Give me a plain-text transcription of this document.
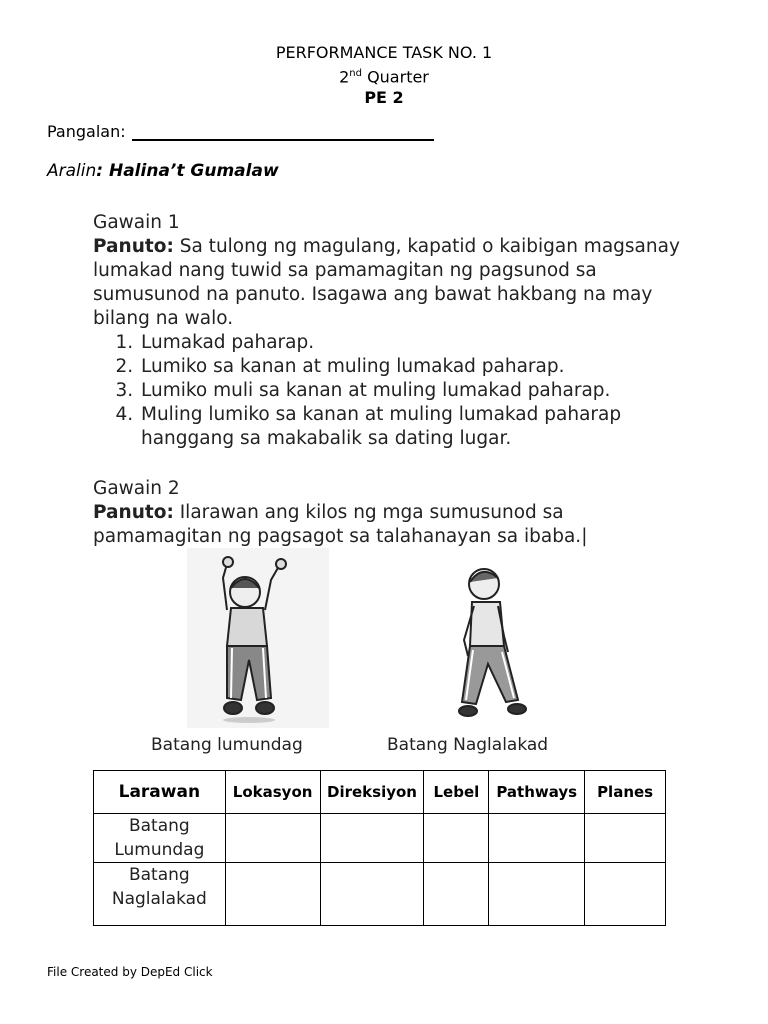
PERFORMANCE TASK NO. 1
2nd Quarter
PE 2
Pangalan:
Aralin: Halina’t Gumalaw
Gawain 1
Panuto: Sa tulong ng magulang, kapatid o kaibigan magsanay lumakad nang tuwid sa pamamagitan ng pagsunod sa sumusunod na panuto. Isagawa ang bawat hakbang na may bilang na walo.
1. Lumakad paharap.
2. Lumiko sa kanan at muling lumakad paharap.
3. Lumiko muli sa kanan at muling lumakad paharap.
4. Muling lumiko sa kanan at muling lumakad paharap hanggang sa makabalik sa dating lugar.
Gawain 2
Panuto: Ilarawan ang kilos ng mga sumusunod sa pamamagitan ng pagsagot sa talahanayan sa ibaba.|
Batang lumundag	Batang Naglalakad
Larawan	Lokasyon	Direksiyon	Lebel	Pathways	Planes

Batang
Lumundag					

Batang
Naglalakad					

File Created by DepEd Click
